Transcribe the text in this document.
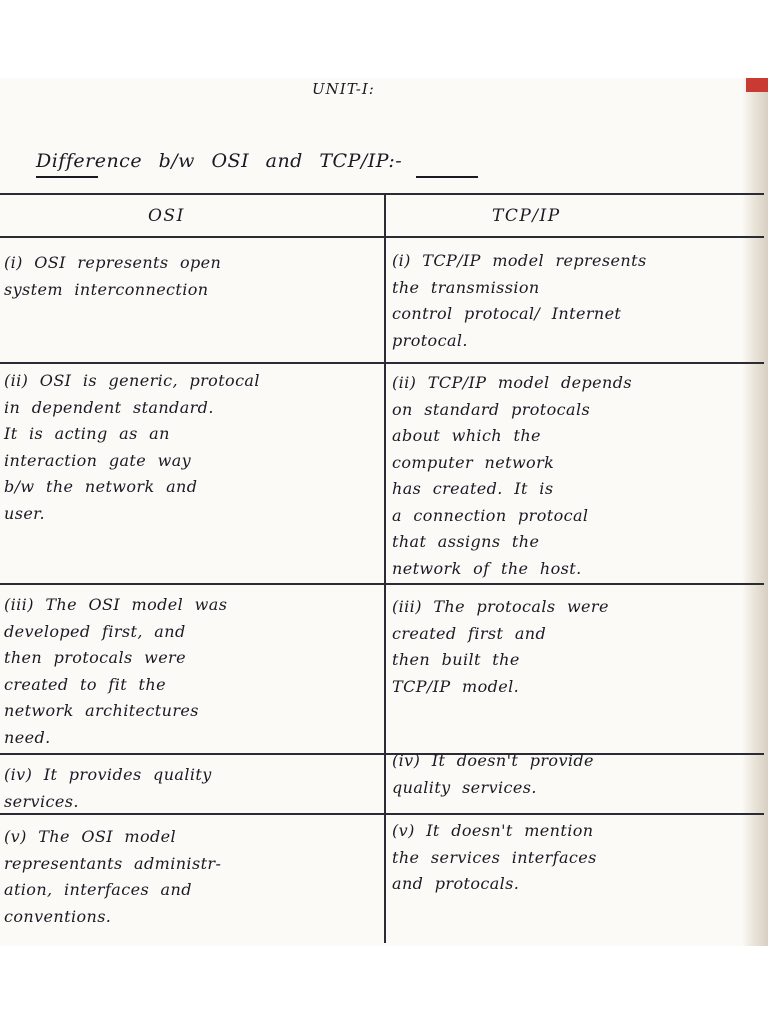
UNIT-I:
Difference b/w OSI and TCP/IP:-
OSI	TCP/IP
(i) OSI represents open
system interconnection
(i) TCP/IP model represents
the transmission
control protocal/ Internet
protocal.
(ii) OSI is generic, protocal
in dependent standard.
It is acting as an
interaction gate way
b/w the network and
user.
(ii) TCP/IP model depends
on standard protocals
about which the
computer network
has created. It is
a connection protocal
that assigns the
network of the host.
(iii) The OSI model was
developed first, and
then protocals were
created to fit the
network architectures
need.
(iii) The protocals were
created first and
then built the
TCP/IP model.
(iv) It provides quality
services.
(iv) It doesn't provide
quality services.
(v) The OSI model
representants administr-
ation, interfaces and
conventions.
(v) It doesn't mention
the services interfaces
and protocals.
